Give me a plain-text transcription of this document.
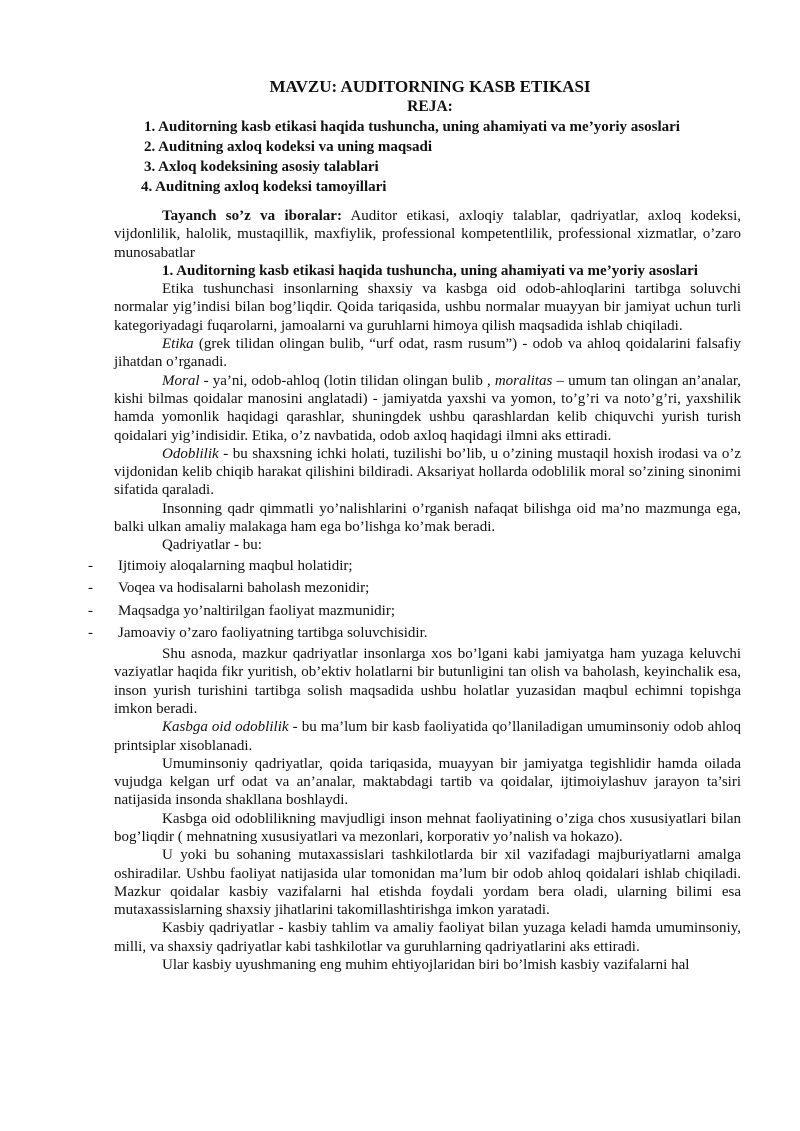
MAVZU: AUDITORNING KASB ETIKASI
REJA:
1. Auditorning kasb etikasi haqida tushuncha, uning ahamiyati va me’yoriy asoslari
2. Auditning axloq kodeksi va uning maqsadi
3. Axloq kodeksining asosiy talablari
4. Auditning axloq kodeksi tamoyillari

Tayanch so’z va iboralar: Auditor etikasi, axloqiy talablar, qadriyatlar, axloq kodeksi, vijdonlilik, halolik, mustaqillik, maxfiylik, professional kompetentlilik, professional xizmatlar, o’zaro munosabatlar

1. Auditorning kasb etikasi haqida tushuncha, uning ahamiyati va me’yoriy asoslari

Etika tushunchasi insonlarning shaxsiy va kasbga oid odob-ahloqlarini tartibga soluvchi normalar yig’indisi bilan bog’liqdir. Qoida tariqasida, ushbu normalar muayyan bir jamiyat uchun turli kategoriyadagi fuqarolarni, jamoalarni va guruhlarni himoya qilish maqsadida ishlab chiqiladi.

Etika (grek tilidan olingan bulib, “urf odat, rasm rusum”) - odob va ahloq qoidalarini falsafiy jihatdan o’rganadi.

Moral - ya’ni, odob-ahloq (lotin tilidan olingan bulib , moralitas – umum tan olingan an’analar, kishi bilmas qoidalar manosini anglatadi) - jamiyatda yaxshi va yomon, to’g’ri va noto’g’ri, yaxshilik hamda yomonlik haqidagi qarashlar, shuningdek ushbu qarashlardan kelib chiquvchi yurish turish qoidalari yig’indisidir. Etika, o’z navbatida, odob axloq haqidagi ilmni aks ettiradi.

Odoblilik - bu shaxsning ichki holati, tuzilishi bo’lib, u o’zining mustaqil hoxish irodasi va o’z vijdonidan kelib chiqib harakat qilishini bildiradi. Aksariyat hollarda odoblilik moral so’zining sinonimi sifatida qaraladi.

Insonning qadr qimmatli yo’nalishlarini o’rganish nafaqat bilishga oid ma’no mazmunga ega, balki ulkan amaliy malakaga ham ega bo’lishga ko’mak beradi.

Qadriyatlar - bu:

- Ijtimoiy aloqalarning maqbul holatidir;
- Voqea va hodisalarni baholash mezonidir;
- Maqsadga yo’naltirilgan faoliyat mazmunidir;
- Jamoaviy o’zaro faoliyatning tartibga soluvchisidir.

Shu asnoda, mazkur qadriyatlar insonlarga xos bo’lgani kabi jamiyatga ham yuzaga keluvchi vaziyatlar haqida fikr yuritish, ob’ektiv holatlarni bir butunligini tan olish va baholash, keyinchalik esa, inson yurish turishini tartibga solish maqsadida ushbu holatlar yuzasidan maqbul echimni topishga imkon beradi.

Kasbga oid odoblilik - bu ma’lum bir kasb faoliyatida qo’llaniladigan umuminsoniy odob ahloq printsiplar xisoblanadi.

Umuminsoniy qadriyatlar, qoida tariqasida, muayyan bir jamiyatga tegishlidir hamda oilada vujudga kelgan urf odat va an’analar, maktabdagi tartib va qoidalar, ijtimoiylashuv jarayon ta’siri natijasida insonda shakllana boshlaydi.

Kasbga oid odoblilikning mavjudligi inson mehnat faoliyatining o’ziga chos xususiyatlari bilan bog’liqdir ( mehnatning xususiyatlari va mezonlari, korporativ yo’nalish va hokazo).

U yoki bu sohaning mutaxassislari tashkilotlarda bir xil vazifadagi majburiyatlarni amalga oshiradilar. Ushbu faoliyat natijasida ular tomonidan ma’lum bir odob ahloq qoidalari ishlab chiqiladi. Mazkur qoidalar kasbiy vazifalarni hal etishda foydali yordam bera oladi, ularning bilimi esa mutaxassislarning shaxsiy jihatlarini takomillashtirishga imkon yaratadi.

Kasbiy qadriyatlar - kasbiy tahlim va amaliy faoliyat bilan yuzaga keladi hamda umuminsoniy, milli, va shaxsiy qadriyatlar kabi tashkilotlar va guruhlarning qadriyatlarini aks ettiradi.

Ular kasbiy uyushmaning eng muhim ehtiyojlaridan biri bo’lmish kasbiy vazifalarni hal
